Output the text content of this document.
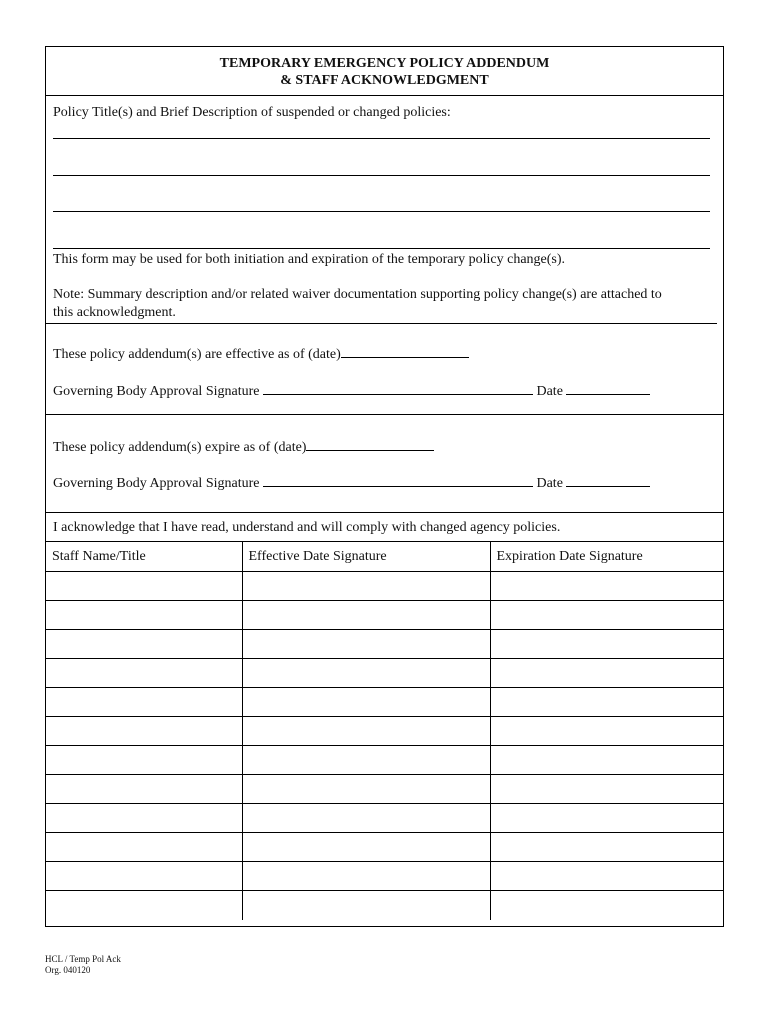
TEMPORARY EMERGENCY POLICY ADDENDUM
& STAFF ACKNOWLEDGMENT
Policy Title(s) and Brief Description of suspended or changed policies:
This form may be used for both initiation and expiration of the temporary policy change(s).
Note: Summary description and/or related waiver documentation supporting policy change(s) are attached to
this acknowledgment.
These policy addendum(s) are effective as of (date)
Governing Body Approval Signature	Date
These policy addendum(s) expire as of (date)
Governing Body Approval Signature	Date
I acknowledge that I have read, understand and will comply with changed agency policies.
Staff Name/Title	Effective Date Signature	Expiration Date Signature

HCL / Temp Pol Ack
Org. 040120
